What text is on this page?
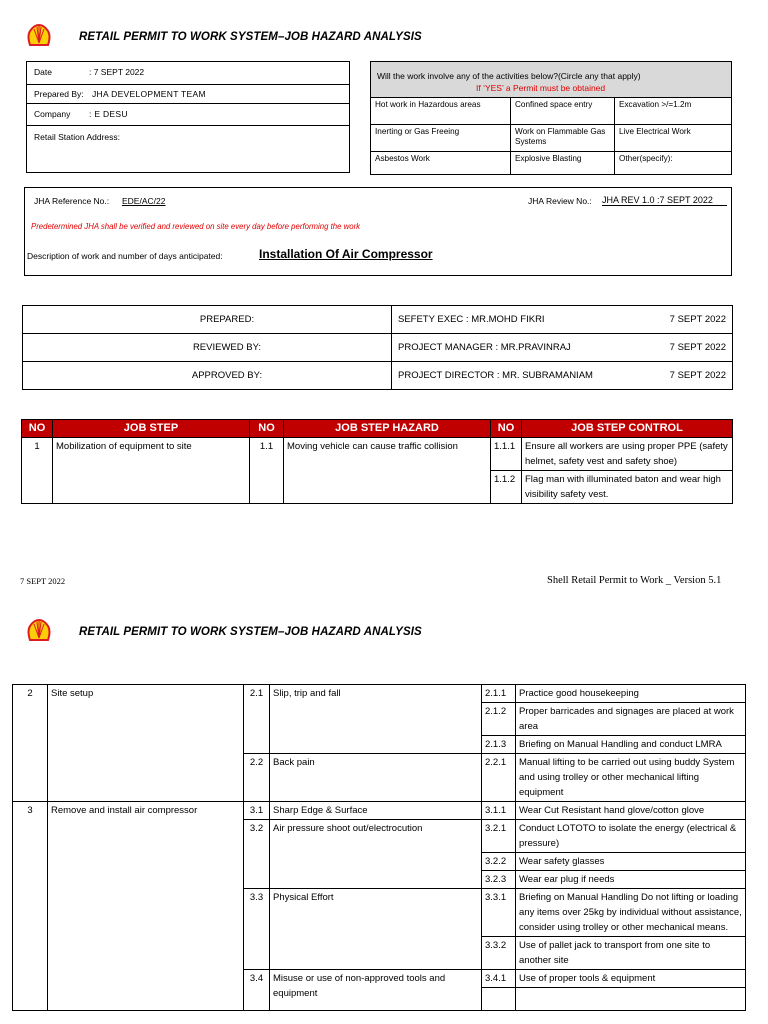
RETAIL PERMIT TO WORK SYSTEM–JOB HAZARD ANALYSIS
Date	: 7 SEPT 2022
Prepared By: JHA DEVELOPMENT TEAM
Company : E DESU
Retail Station Address:
Will the work involve any of the activities below?(Circle any that apply)
If ‘YES’ a Permit must be obtained
Hot work in Hazardous areas	Confined space entry	Excavation >/=1.2m
Inerting or Gas Freeing	Work on Flammable Gas Systems	Live Electrical Work
Asbestos Work	Explosive Blasting	Other(specify):
JHA Reference No.: EDE/AC/22	JHA Review No.: JHA REV 1.0 :7 SEPT 2022
Predetermined JHA shall be verified and reviewed on site every day before performing the work
Description of work and number of days anticipated:	Installation Of Air Compressor
PREPARED:	SEFETY EXEC : MR.MOHD FIKRI	7 SEPT 2022
REVIEWED BY:	PROJECT MANAGER : MR.PRAVINRAJ	7 SEPT 2022
APPROVED BY:	PROJECT DIRECTOR : MR. SUBRAMANIAM	7 SEPT 2022
NO	JOB STEP	NO	JOB STEP HAZARD	NO	JOB STEP CONTROL
1	Mobilization of equipment to site	1.1	Moving vehicle can cause traffic collision	1.1.1	Ensure all workers are using proper PPE (safety helmet, safety vest and safety shoe)
				1.1.2	Flag man with illuminated baton and wear high visibility safety vest.
7 SEPT 2022	Shell Retail Permit to Work _ Version 5.1
RETAIL PERMIT TO WORK SYSTEM–JOB HAZARD ANALYSIS
2	Site setup	2.1	Slip, trip and fall	2.1.1	Practice good housekeeping
				2.1.2	Proper barricades and signages are placed at work area
				2.1.3	Briefing on Manual Handling and conduct LMRA
		2.2	Back pain	2.2.1	Manual lifting to be carried out using buddy System and using trolley or other mechanical lifting equipment
3	Remove and install air compressor	3.1	Sharp Edge & Surface	3.1.1	Wear Cut Resistant hand glove/cotton glove
		3.2	Air pressure shoot out/electrocution	3.2.1	Conduct LOTOTO to isolate the energy (electrical & pressure)
				3.2.2	Wear safety glasses
				3.2.3	Wear ear plug if needs
		3.3	Physical Effort	3.3.1	Briefing on Manual Handling Do not lifting or loading any items over 25kg by individual without assistance, consider using trolley or other mechanical means.
				3.3.2	Use of pallet jack to transport from one site to another site
		3.4	Misuse or use of non-approved tools and equipment	3.4.1	Use of proper tools & equipment
